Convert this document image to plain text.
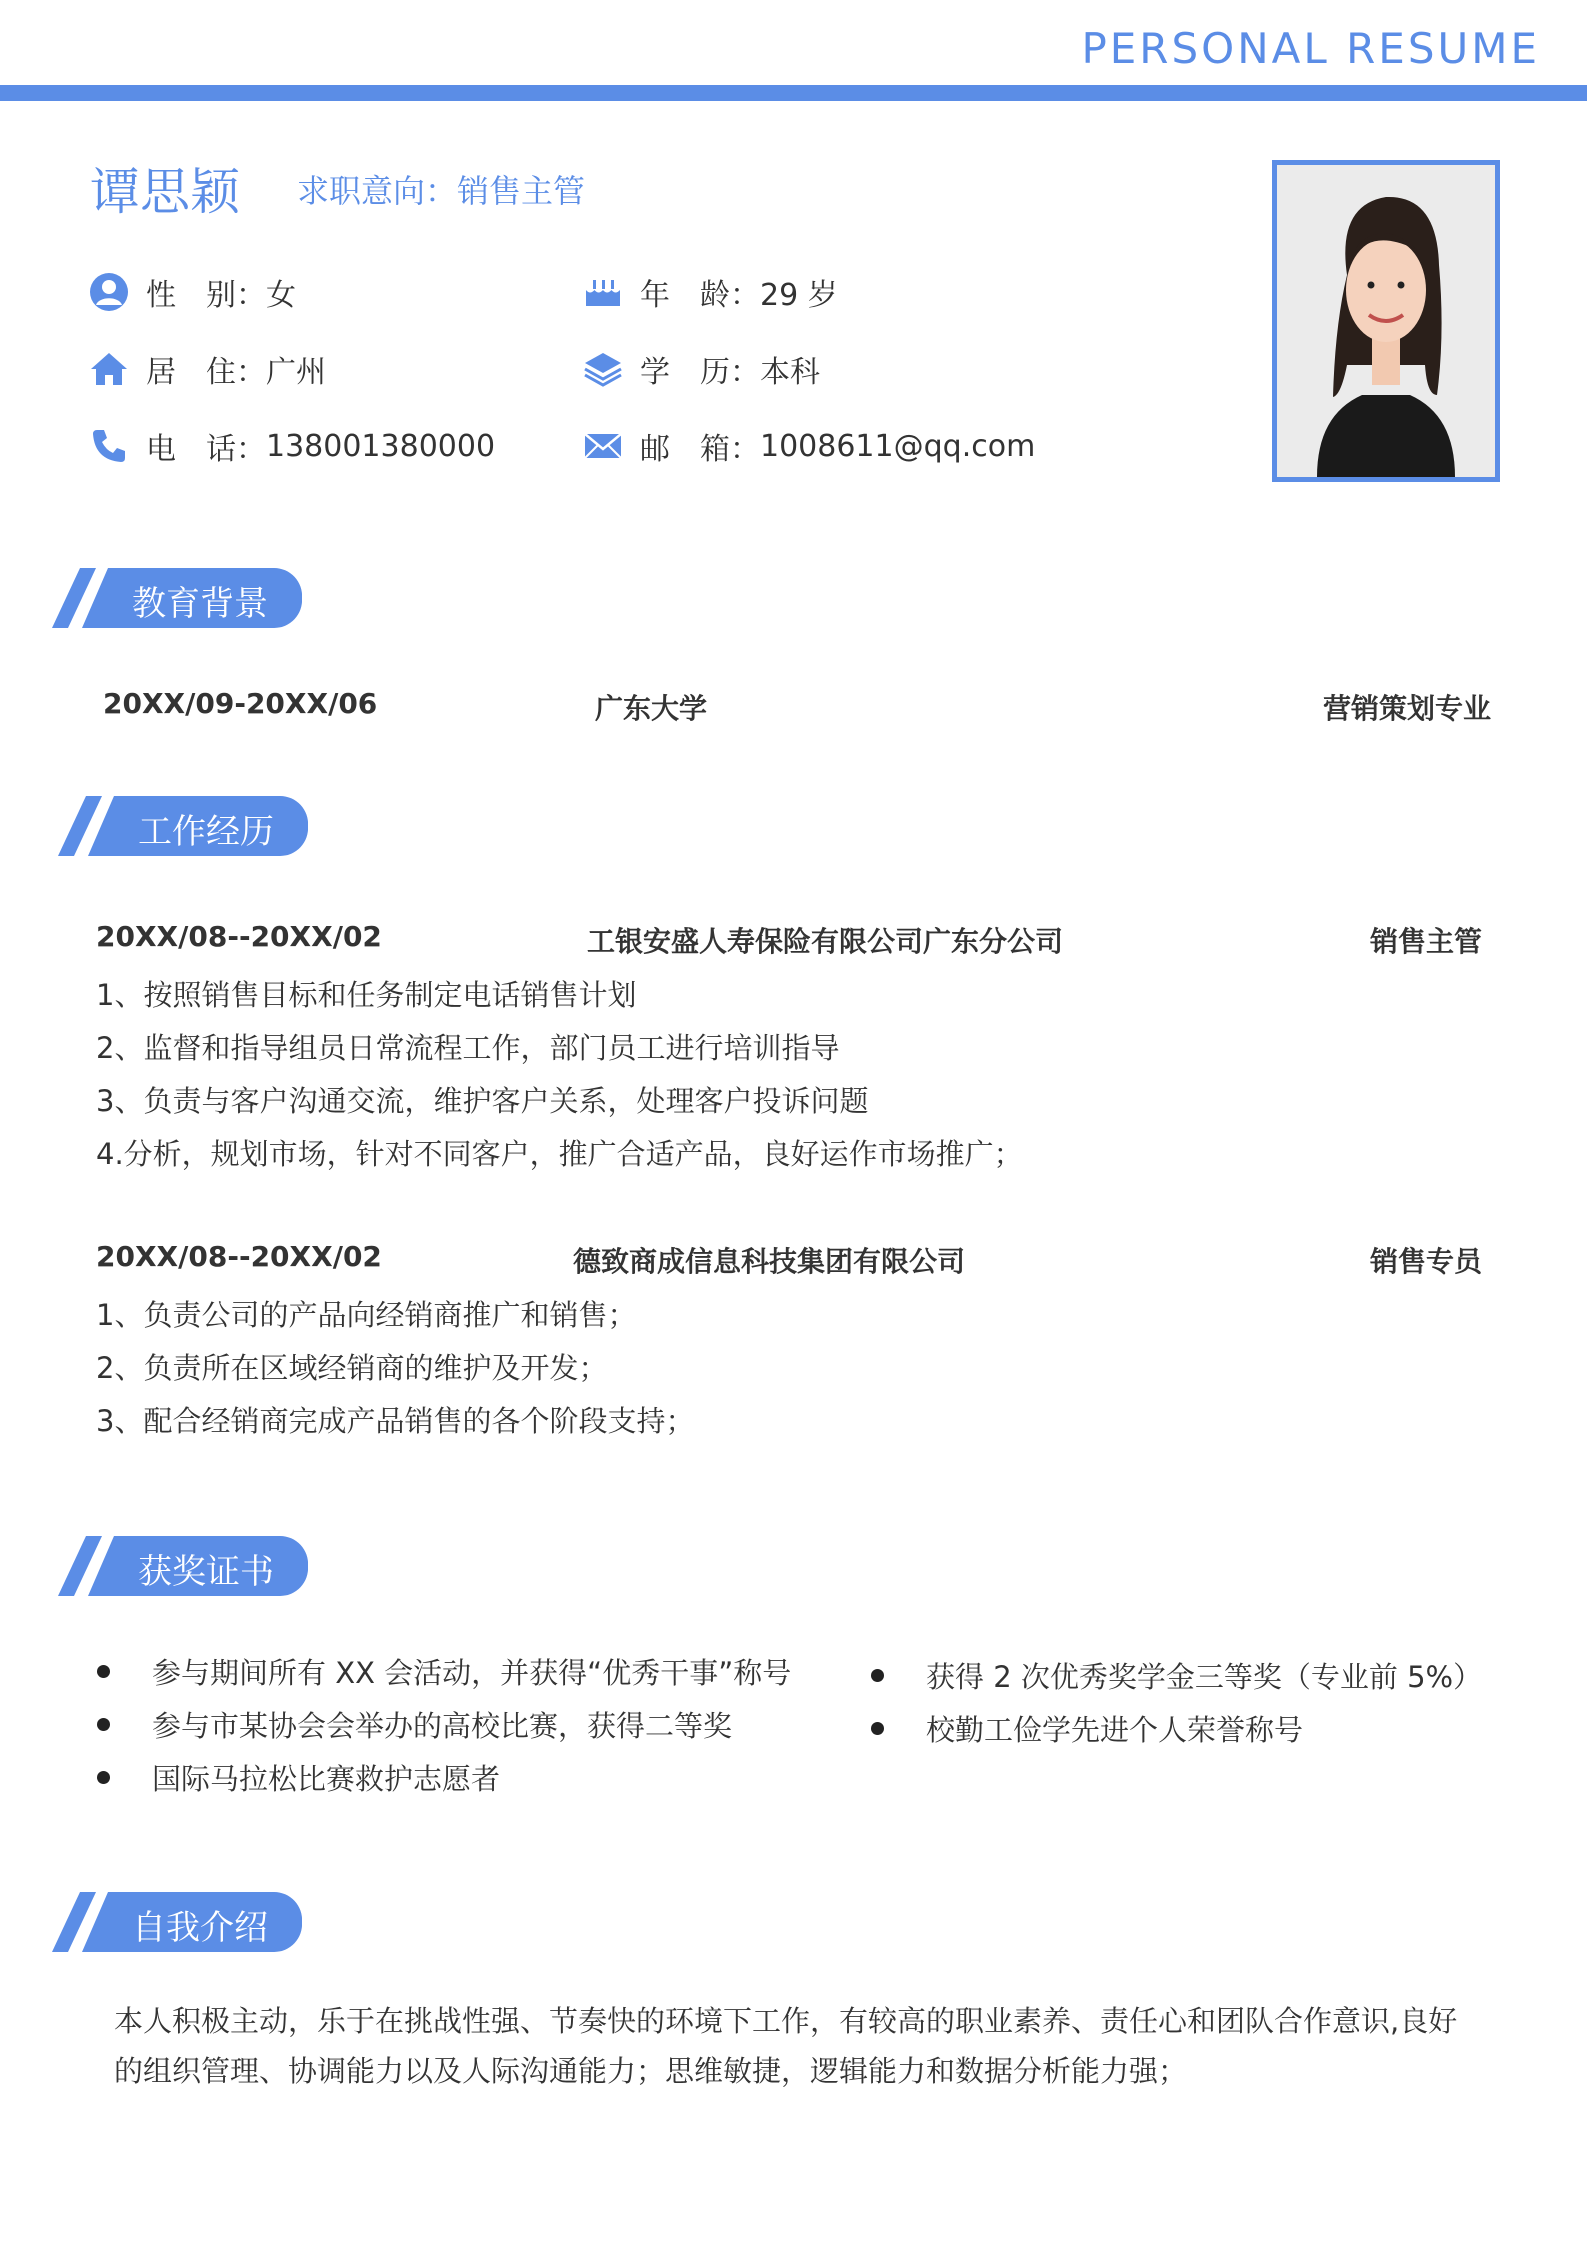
PERSONAL RESUME
谭思颖 求职意向：销售主管
性　别： 女	年　龄： 29 岁
居　住： 广州	学　历： 本科
电　话： 138001380000	邮　箱： 1008611@qq.com
教育背景
20XX/09-20XX/06	广东大学	营销策划专业
工作经历
20XX/08--20XX/02	工银安盛人寿保险有限公司广东分公司	销售主管
1、按照销售目标和任务制定电话销售计划
2、监督和指导组员日常流程工作，部门员工进行培训指导
3、负责与客户沟通交流，维护客户关系，处理客户投诉问题
4.分析，规划市场，针对不同客户，推广合适产品，良好运作市场推广；
20XX/08--20XX/02	德致商成信息科技集团有限公司	销售专员
1、负责公司的产品向经销商推广和销售；
2、负责所在区域经销商的维护及开发；
3、配合经销商完成产品销售的各个阶段支持；
获奖证书
参与期间所有 XX 会活动，并获得“优秀干事”称号
参与市某协会会举办的高校比赛，获得二等奖
国际马拉松比赛救护志愿者
获得 2 次优秀奖学金三等奖（专业前 5%）
校勤工俭学先进个人荣誉称号
自我介绍
本人积极主动，乐于在挑战性强、节奏快的环境下工作，有较高的职业素养、责任心和团队合作意识,良好的组织管理、协调能力以及人际沟通能力；思维敏捷，逻辑能力和数据分析能力强；
